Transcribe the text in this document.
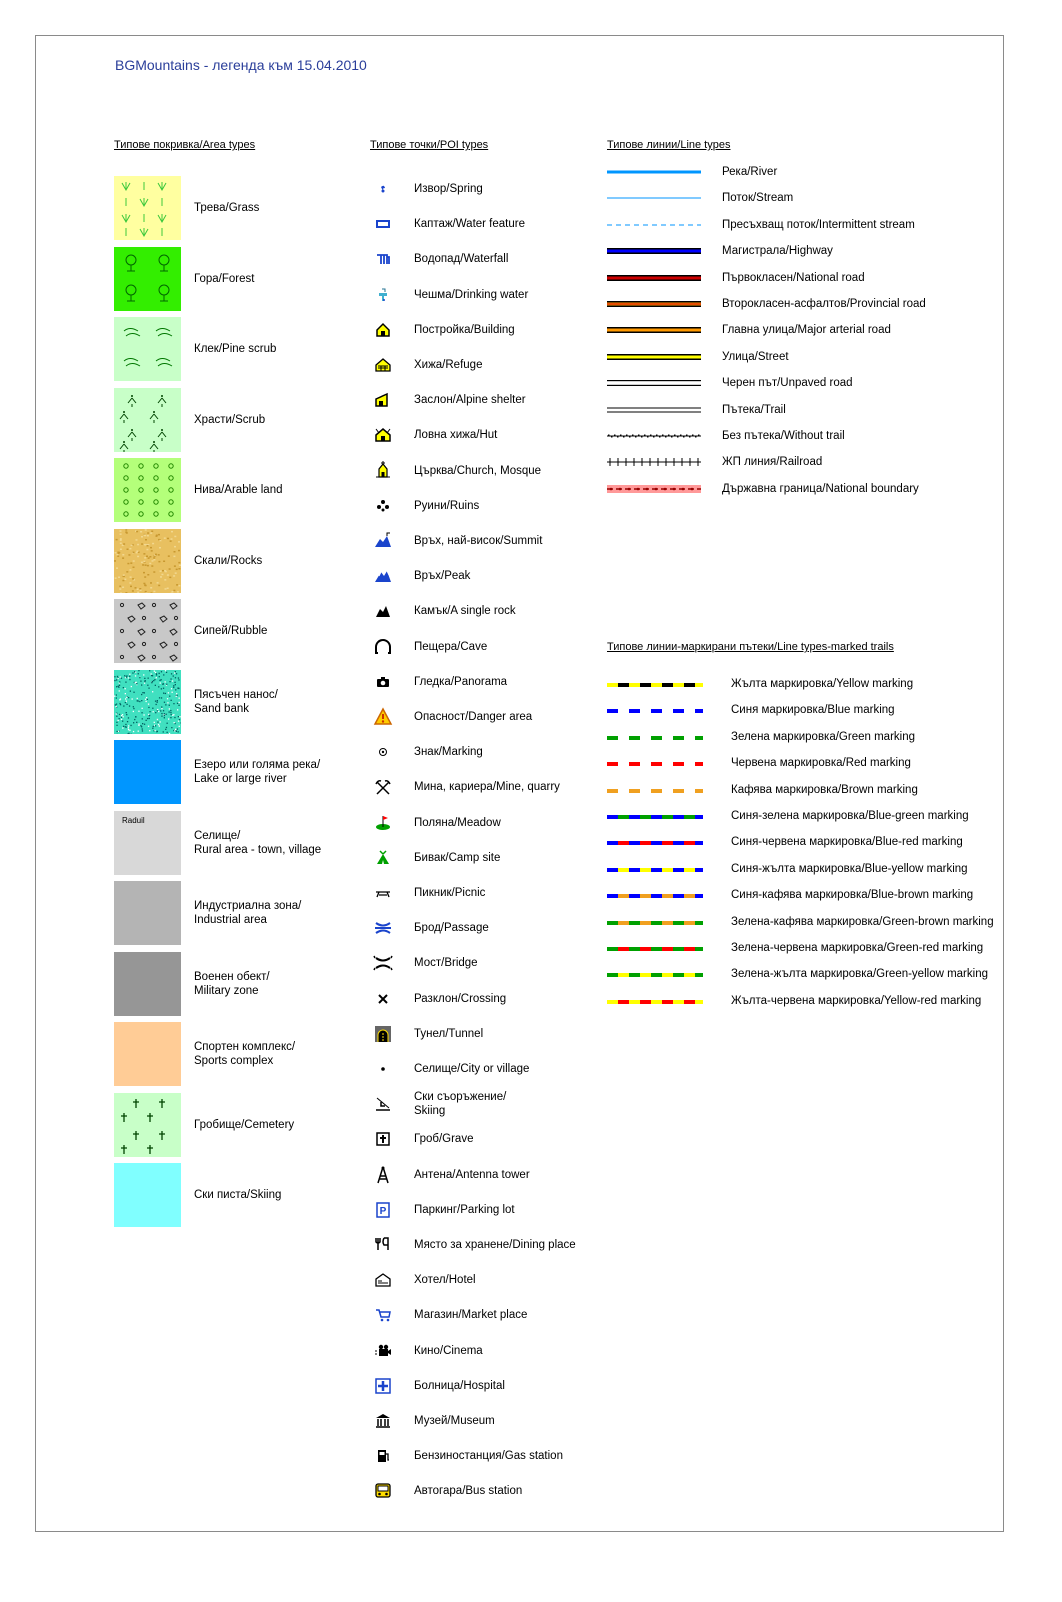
BGMountains - легенда към 15.04.2010
Типове покривка/Area types	Типове точки/POI types	Типове линии/Line types
Типове линии-маркирани пътеки/Line types-marked trails
Трева/Grass
Гора/Forest
Клек/Pine scrub
Храсти/Scrub
Нива/Arable land
Скали/Rocks
Сипей/Rubble
Пясъчен нанос/
Sand bank
Езеро или голяма река/
Lake or large river
Raduil
Селище/
Rural area - town, village
Индустриална зона/
Industrial area
Военен обект/
Military zone
Спортен комплекс/
Sports complex
Гробище/Cemetery
Ски писта/Skiing
Извор/Spring
Каптаж/Water feature
Водопад/Waterfall
Чешма/Drinking water
Постройка/Building
Хижа/Refuge
Заслон/Alpine shelter
Ловна хижа/Hut
Църква/Church, Mosque
Руини/Ruins
Връх, най-висок/Summit
Връх/Peak
Камък/A single rock
Пещера/Cave
Гледка/Panorama
Опасност/Danger area
Знак/Marking
Мина, кариера/Mine, quarry
Поляна/Meadow
Бивак/Camp site
Пикник/Picnic
Брод/Passage
Мост/Bridge
Разклон/Crossing
Тунел/Tunnel
Селище/City or village
Ски съоръжение/
Skiing
Гроб/Grave
Антена/Antenna tower
P Паркинг/Parking lot
Място за хранене/Dining place
Хотел/Hotel
Магазин/Market place
Кино/Cinema
Болница/Hospital
Музей/Museum
Бензиностанция/Gas station
Автогара/Bus station
Река/River
Поток/Stream
Пресъхващ поток/Intermittent stream
Магистрала/Highway
Първокласен/National road
Второкласен-асфалтов/Provincial road
Главна улица/Major arterial road
Улица/Street
Черен път/Unpaved road
Пътека/Trail
Без пътека/Without trail
ЖП линия/Railroad
Държавна граница/National boundary
Жълта маркировка/Yellow marking
Синя маркировка/Blue marking
Зелена маркировка/Green marking
Червена маркировка/Red marking
Кафява маркировка/Brown marking
Синя-зелена маркировка/Blue-green marking
Синя-червена маркировка/Blue-red marking
Синя-жълта маркировка/Blue-yellow marking
Синя-кафява маркировка/Blue-brown marking
Зелена-кафява маркировка/Green-brown marking
Зелена-червена маркировка/Green-red marking
Зелена-жълта маркировка/Green-yellow marking
Жълта-червена маркировка/Yellow-red marking
